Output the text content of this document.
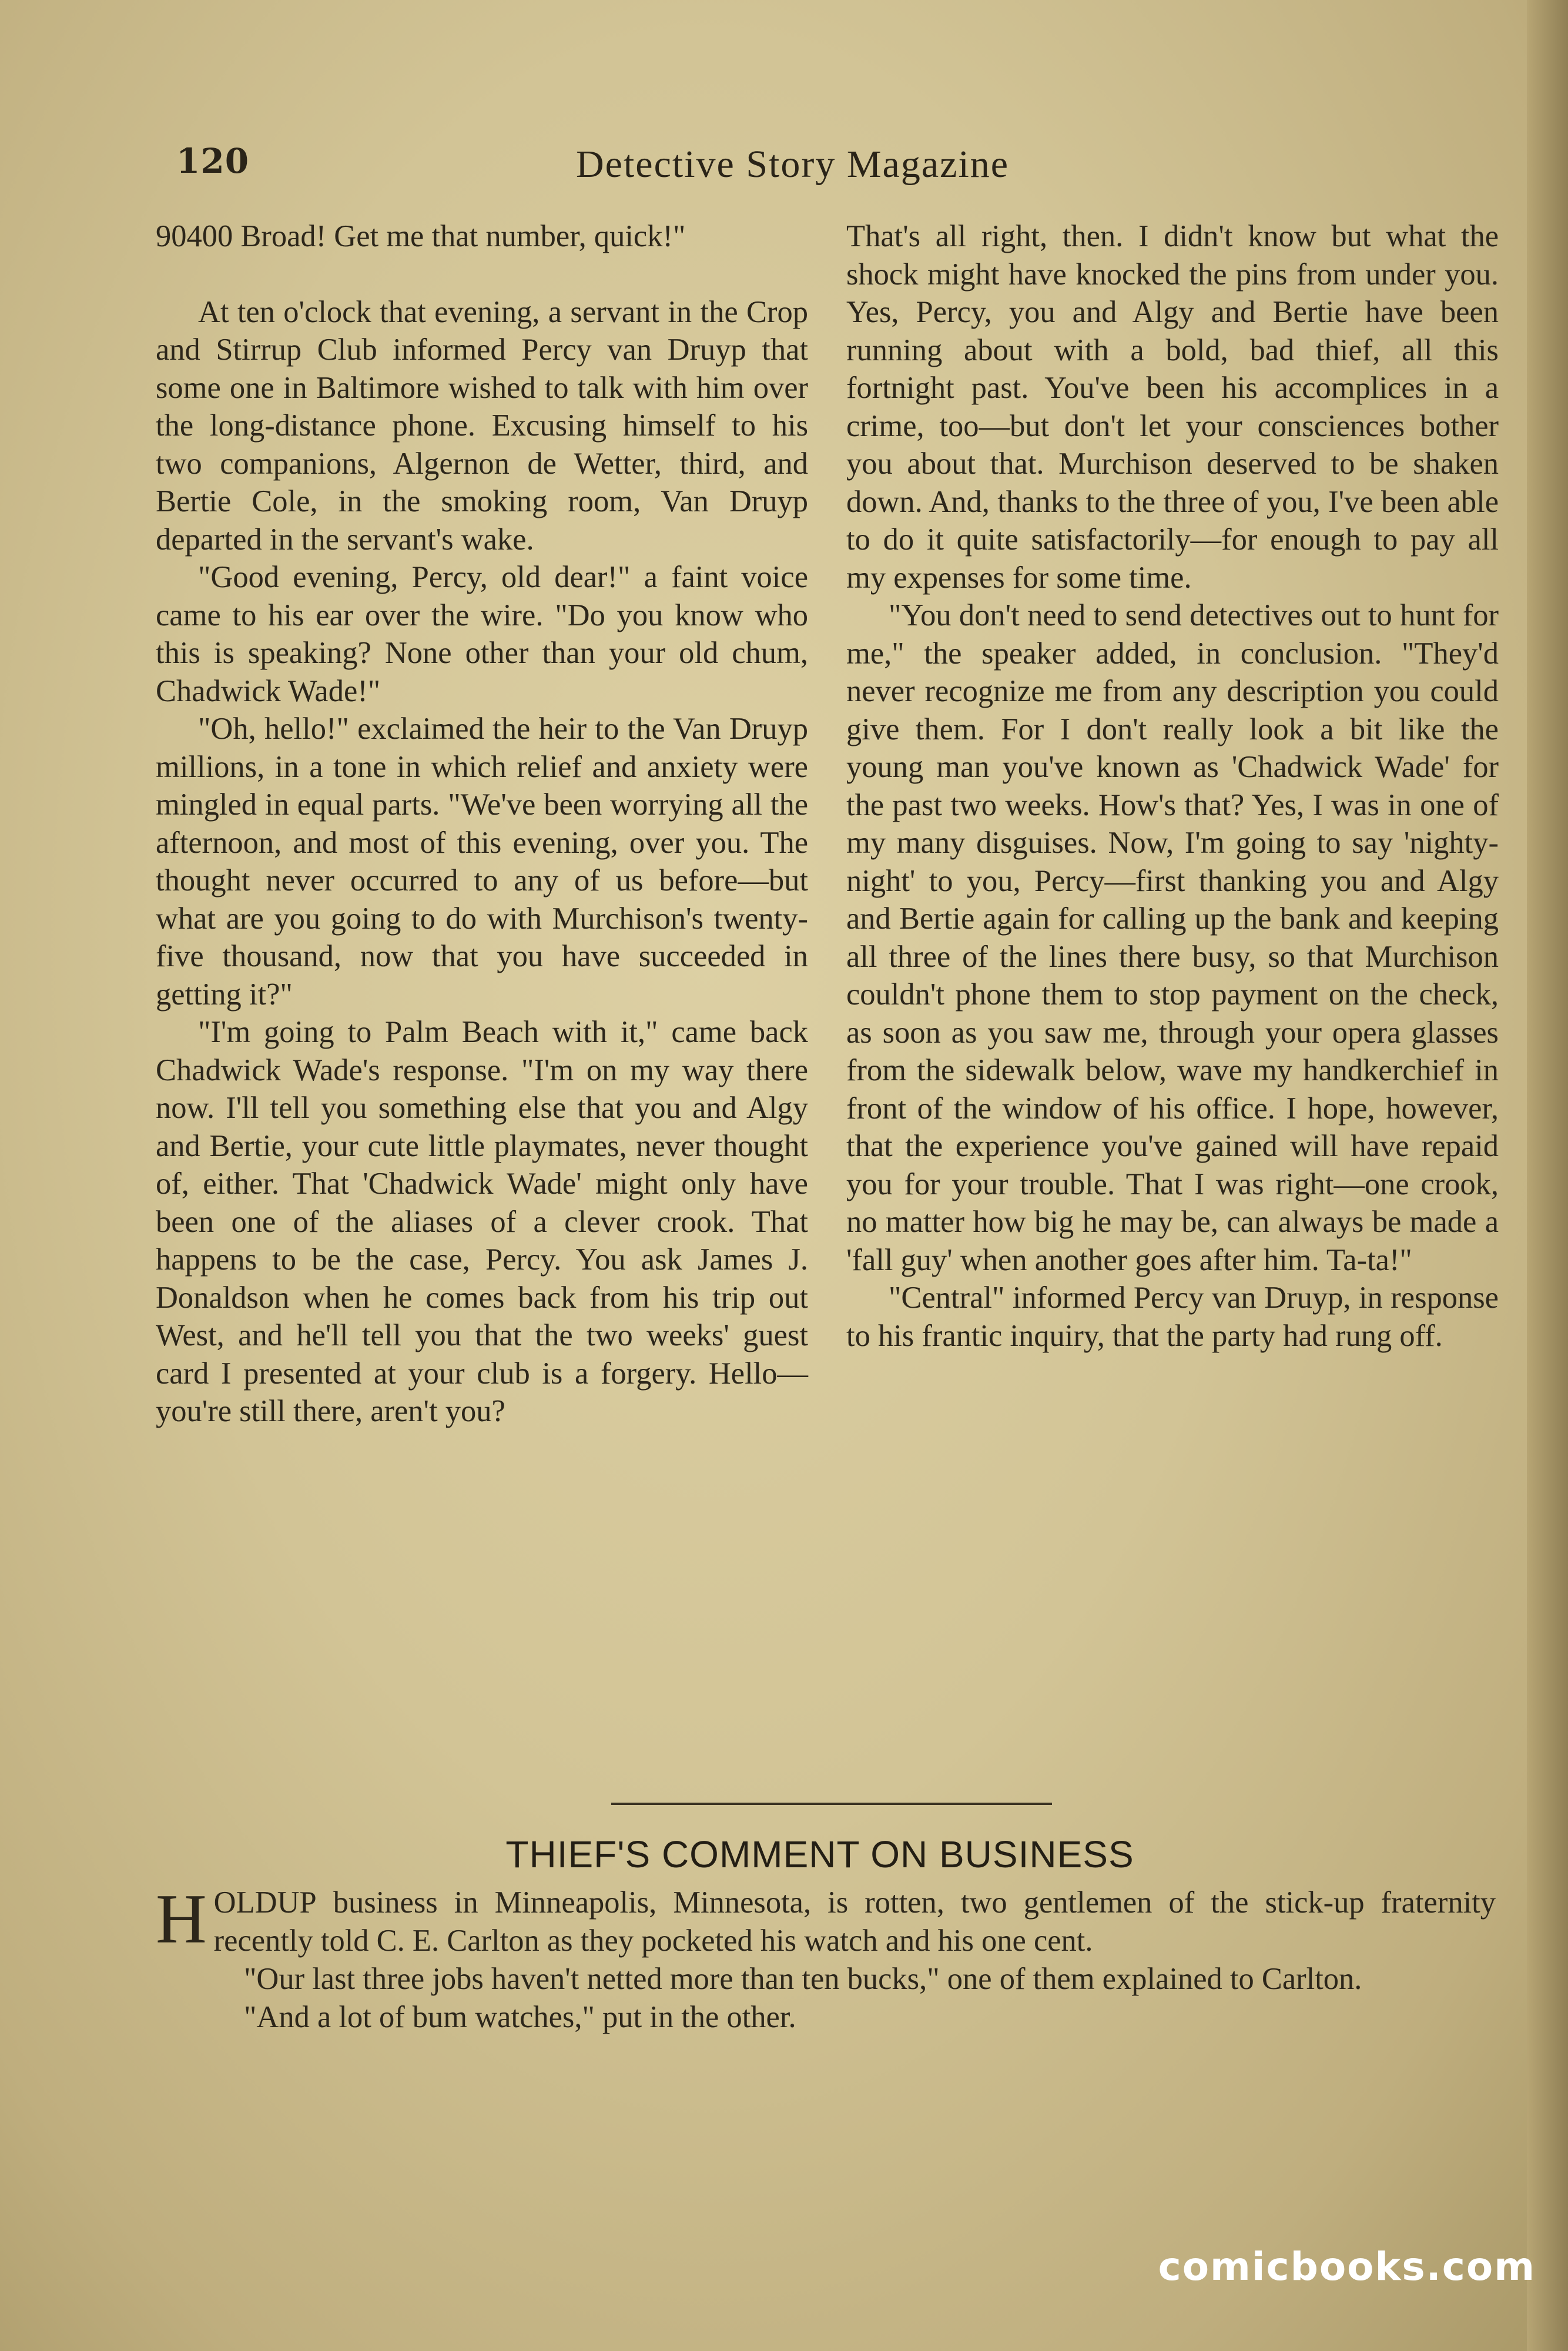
120	Detective Story Magazine

90400 Broad! Get me that number, quick!"

At ten o'clock that evening, a servant in the Crop and Stirrup Club informed Percy van Druyp that some one in Baltimore wished to talk with him over the long-distance phone. Excusing himself to his two companions, Algernon de Wetter, third, and Bertie Cole, in the smoking room, Van Druyp departed in the servant's wake.

"Good evening, Percy, old dear!" a faint voice came to his ear over the wire. "Do you know who this is speaking? None other than your old chum, Chadwick Wade!"

"Oh, hello!" exclaimed the heir to the Van Druyp millions, in a tone in which relief and anxiety were mingled in equal parts. "We've been worrying all the afternoon, and most of this evening, over you. The thought never occurred to any of us before—but what are you going to do with Murchison's twenty-five thousand, now that you have succeeded in getting it?"

"I'm going to Palm Beach with it," came back Chadwick Wade's response. "I'm on my way there now. I'll tell you something else that you and Algy and Bertie, your cute little playmates, never thought of, either. That 'Chadwick Wade' might only have been one of the aliases of a clever crook. That happens to be the case, Percy. You ask James J. Donaldson when he comes back from his trip out West, and he'll tell you that the two weeks' guest card I presented at your club is a forgery. Hello—you're still there, aren't you?

That's all right, then. I didn't know but what the shock might have knocked the pins from under you. Yes, Percy, you and Algy and Bertie have been running about with a bold, bad thief, all this fortnight past. You've been his accomplices in a crime, too—but don't let your consciences bother you about that. Murchison deserved to be shaken down. And, thanks to the three of you, I've been able to do it quite satisfactorily—for enough to pay all my expenses for some time.

"You don't need to send detectives out to hunt for me," the speaker added, in conclusion. "They'd never recognize me from any description you could give them. For I don't really look a bit like the young man you've known as 'Chadwick Wade' for the past two weeks. How's that? Yes, I was in one of my many disguises. Now, I'm going to say 'nighty-night' to you, Percy—first thanking you and Algy and Bertie again for calling up the bank and keeping all three of the lines there busy, so that Murchison couldn't phone them to stop payment on the check, as soon as you saw me, through your opera glasses from the sidewalk below, wave my handkerchief in front of the window of his office. I hope, however, that the experience you've gained will have repaid you for your trouble. That I was right—one crook, no matter how big he may be, can always be made a 'fall guy' when another goes after him. Ta-ta!"

"Central" informed Percy van Druyp, in response to his frantic inquiry, that the party had rung off.

THIEF'S COMMENT ON BUSINESS

HOLDUP business in Minneapolis, Minnesota, is rotten, two gentlemen of the stick-up fraternity recently told C. E. Carlton as they pocketed his watch and his one cent.

"Our last three jobs haven't netted more than ten bucks," one of them explained to Carlton.

"And a lot of bum watches," put in the other.

comicbooks.com
